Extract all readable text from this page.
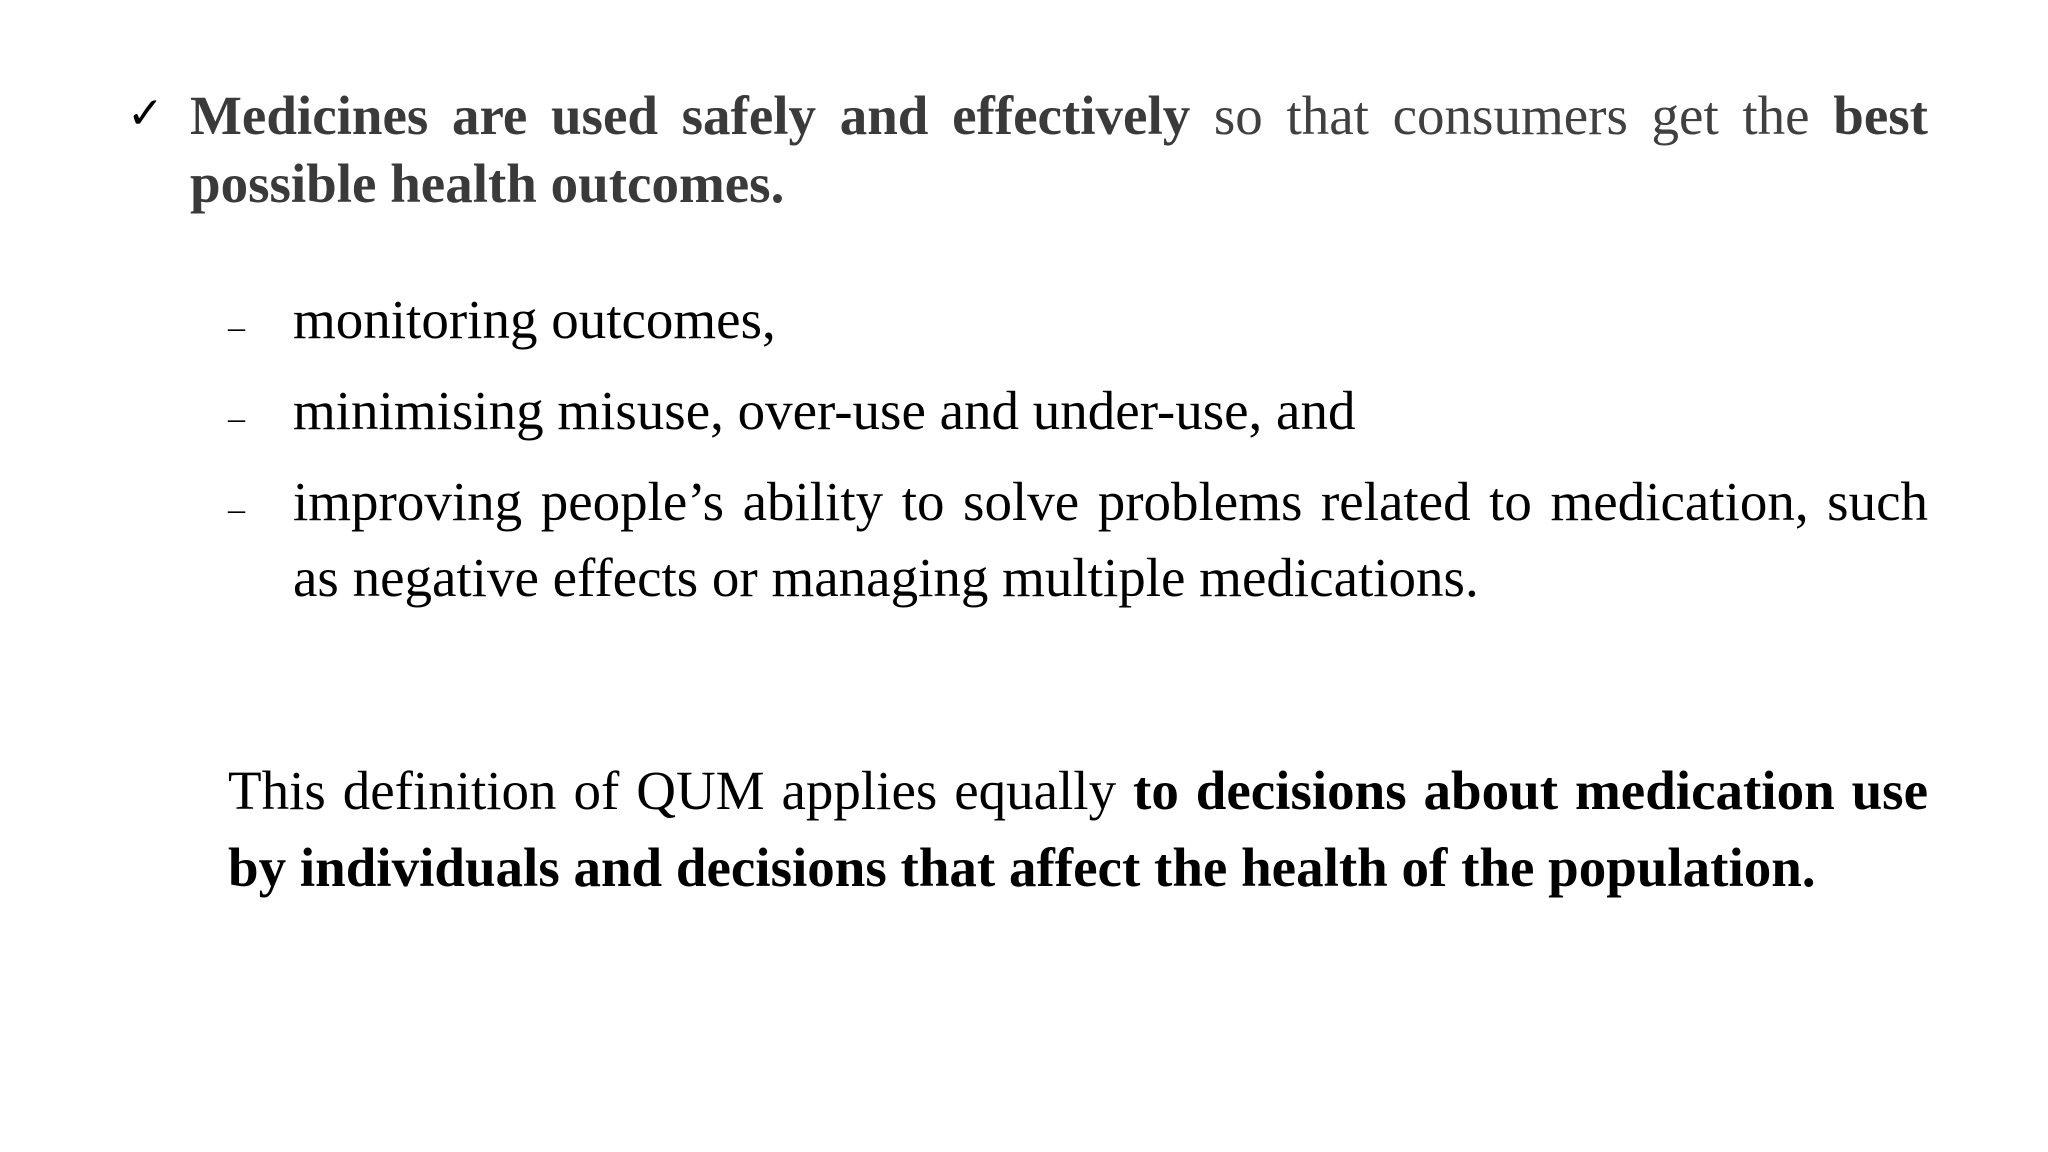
✓ Medicines are used safely and effectively so that consumers get the best possible health outcomes.

– monitoring outcomes,
– minimising misuse, over-use and under-use, and
– improving people’s ability to solve problems related to medication, such as negative effects or managing multiple medications.

This definition of QUM applies equally to decisions about medication use by individuals and decisions that affect the health of the population.
